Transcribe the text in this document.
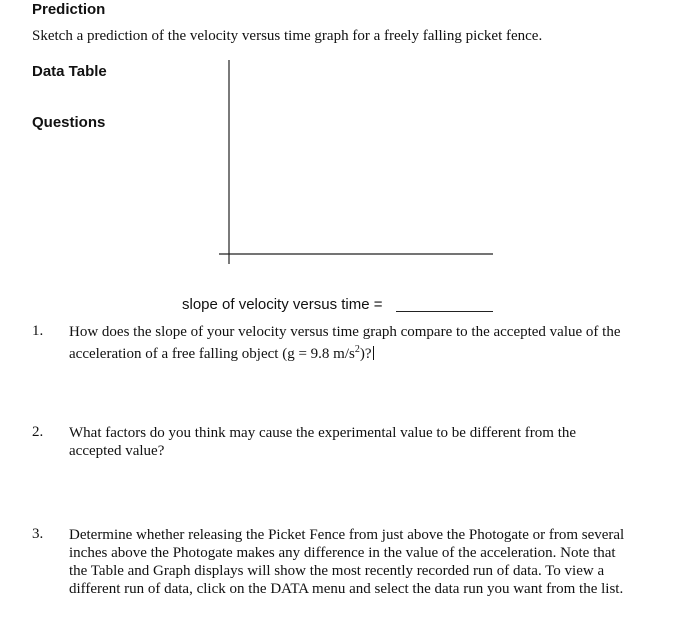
Prediction
Sketch a prediction of the velocity versus time graph for a freely falling picket fence.
Data Table
Questions
slope of velocity versus time =
1. How does the slope of your velocity versus time graph compare to the accepted value of the acceleration of a free falling object (g = 9.8 $m/s^2$)?
2. What factors do you think may cause the experimental value to be different from the accepted value?
3. Determine whether releasing the Picket Fence from just above the Photogate or from several inches above the Photogate makes any difference in the value of the acceleration. Note that the Table and Graph displays will show the most recently recorded run of data. To view a different run of data, click on the DATA menu and select the data run you want from the list.
